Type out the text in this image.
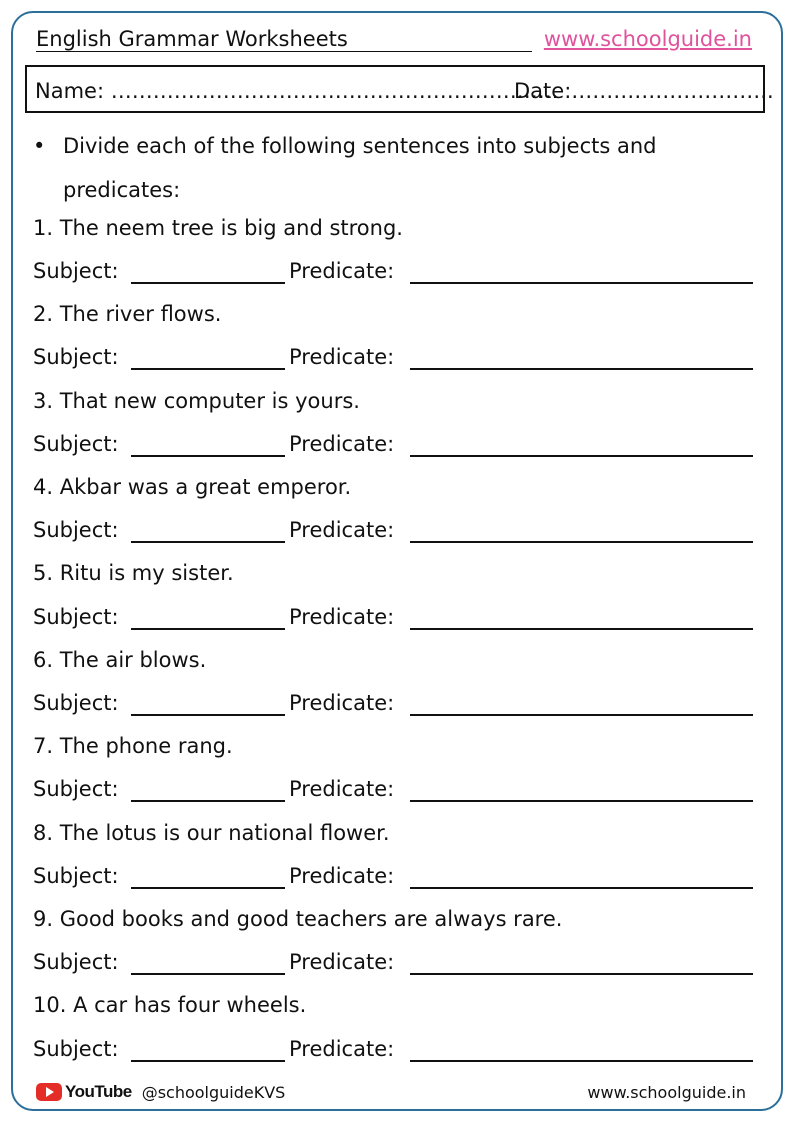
English Grammar Worksheets	www.schoolguide.in
Name: ……………………………………………………….
Date:………………………..
• Divide each of the following sentences into subjects and predicates:
1. The neem tree is big and strong.
Subject:	Predicate:
2. The river flows.
Subject:	Predicate:
3. That new computer is yours.
Subject:	Predicate:
4. Akbar was a great emperor.
Subject:	Predicate:
5. Ritu is my sister.
Subject:	Predicate:
6. The air blows.
Subject:	Predicate:
7. The phone rang.
Subject:	Predicate:
8. The lotus is our national flower.
Subject:	Predicate:
9. Good books and good teachers are always rare.
Subject:	Predicate:
10. A car has four wheels.
Subject:	Predicate:
YouTube @schoolguideKVS	www.schoolguide.in
